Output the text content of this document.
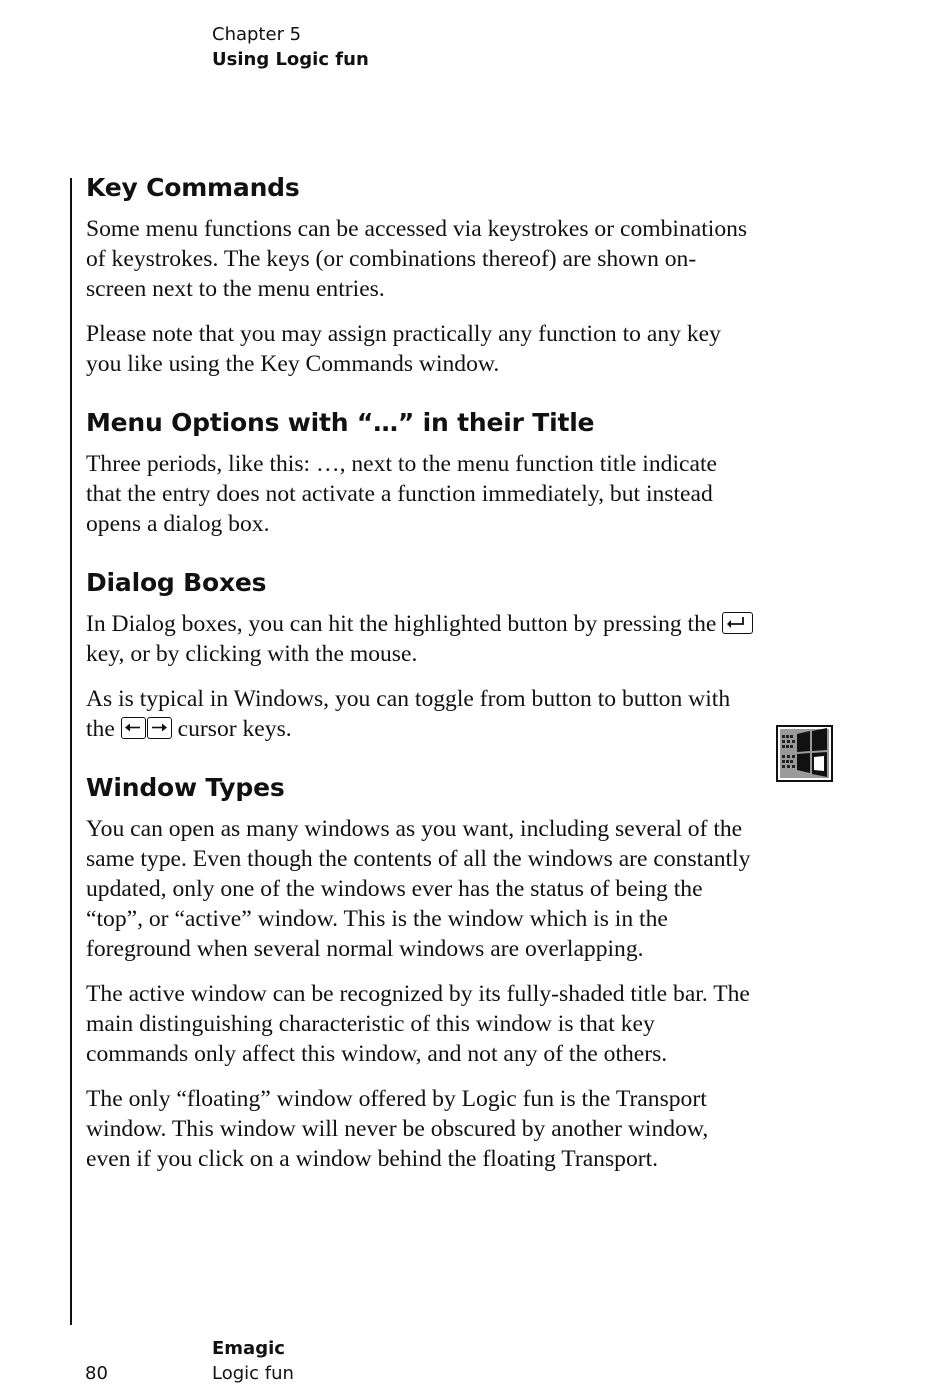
Chapter 5
Using Logic fun
Key Commands

Some menu functions can be accessed via keystrokes or combinations of keystrokes. The keys (or combinations thereof) are shown on-screen next to the menu entries.

Please note that you may assign practically any function to any key you like using the Key Commands window.

Menu Options with “…” in their Title

Three periods, like this: …, next to the menu function title indicate that the entry does not activate a function immediately, but instead opens a dialog box.

Dialog Boxes

In Dialog boxes, you can hit the highlighted button by pressing the
key, or by clicking with the mouse.

As is typical in Windows, you can toggle from button to button with the	cursor keys.

Window Types

You can open as many windows as you want, including several of the same type. Even though the contents of all the windows are constantly updated, only one of the windows ever has the status of being the “top”, or “active” window. This is the window which is in the foreground when several normal windows are overlapping.

The active window can be recognized by its fully-shaded title bar. The main distinguishing characteristic of this window is that key commands only affect this window, and not any of the others.

The only “floating” window offered by Logic fun is the Transport window. This window will never be obscured by another window, even if you click on a window behind the floating Transport.

Emagic
Logic fun
80
